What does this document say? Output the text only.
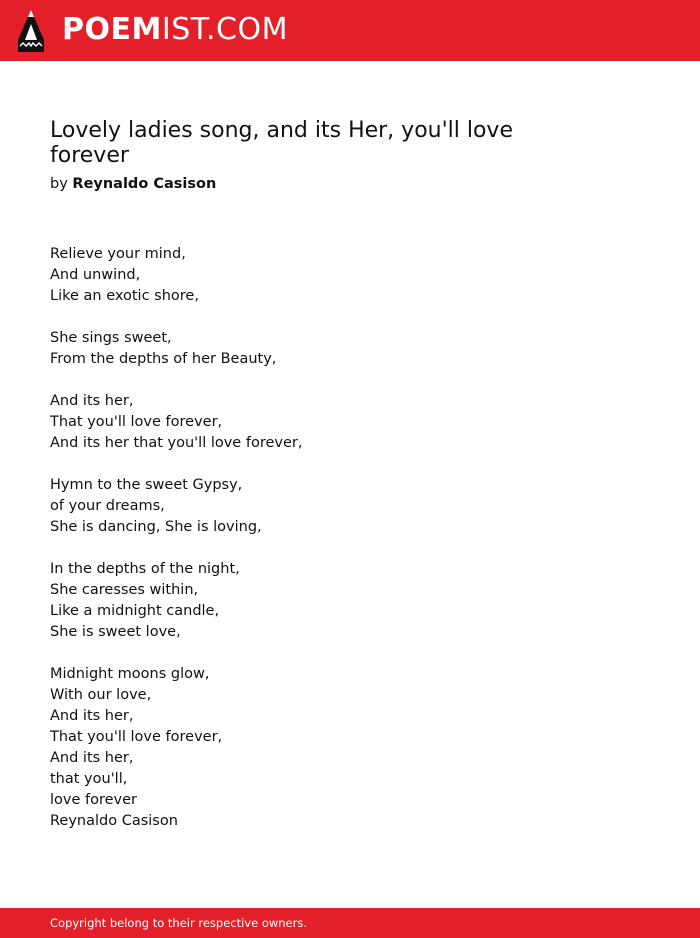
POEMIST.COM
Lovely ladies song, and its Her, you'll love forever

by Reynaldo Casison

Relieve your mind,
And unwind,
Like an exotic shore,
She sings sweet,
From the depths of her Beauty,
And its her,
That you'll love forever,
And its her that you'll love forever,
Hymn to the sweet Gypsy,
of your dreams,
She is dancing, She is loving,
In the depths of the night,
She caresses within,
Like a midnight candle,
She is sweet love,
Midnight moons glow,
With our love,
And its her,
That you'll love forever,
And its her,
that you'll,
love forever
Reynaldo Casison
Copyright belong to their respective owners.
